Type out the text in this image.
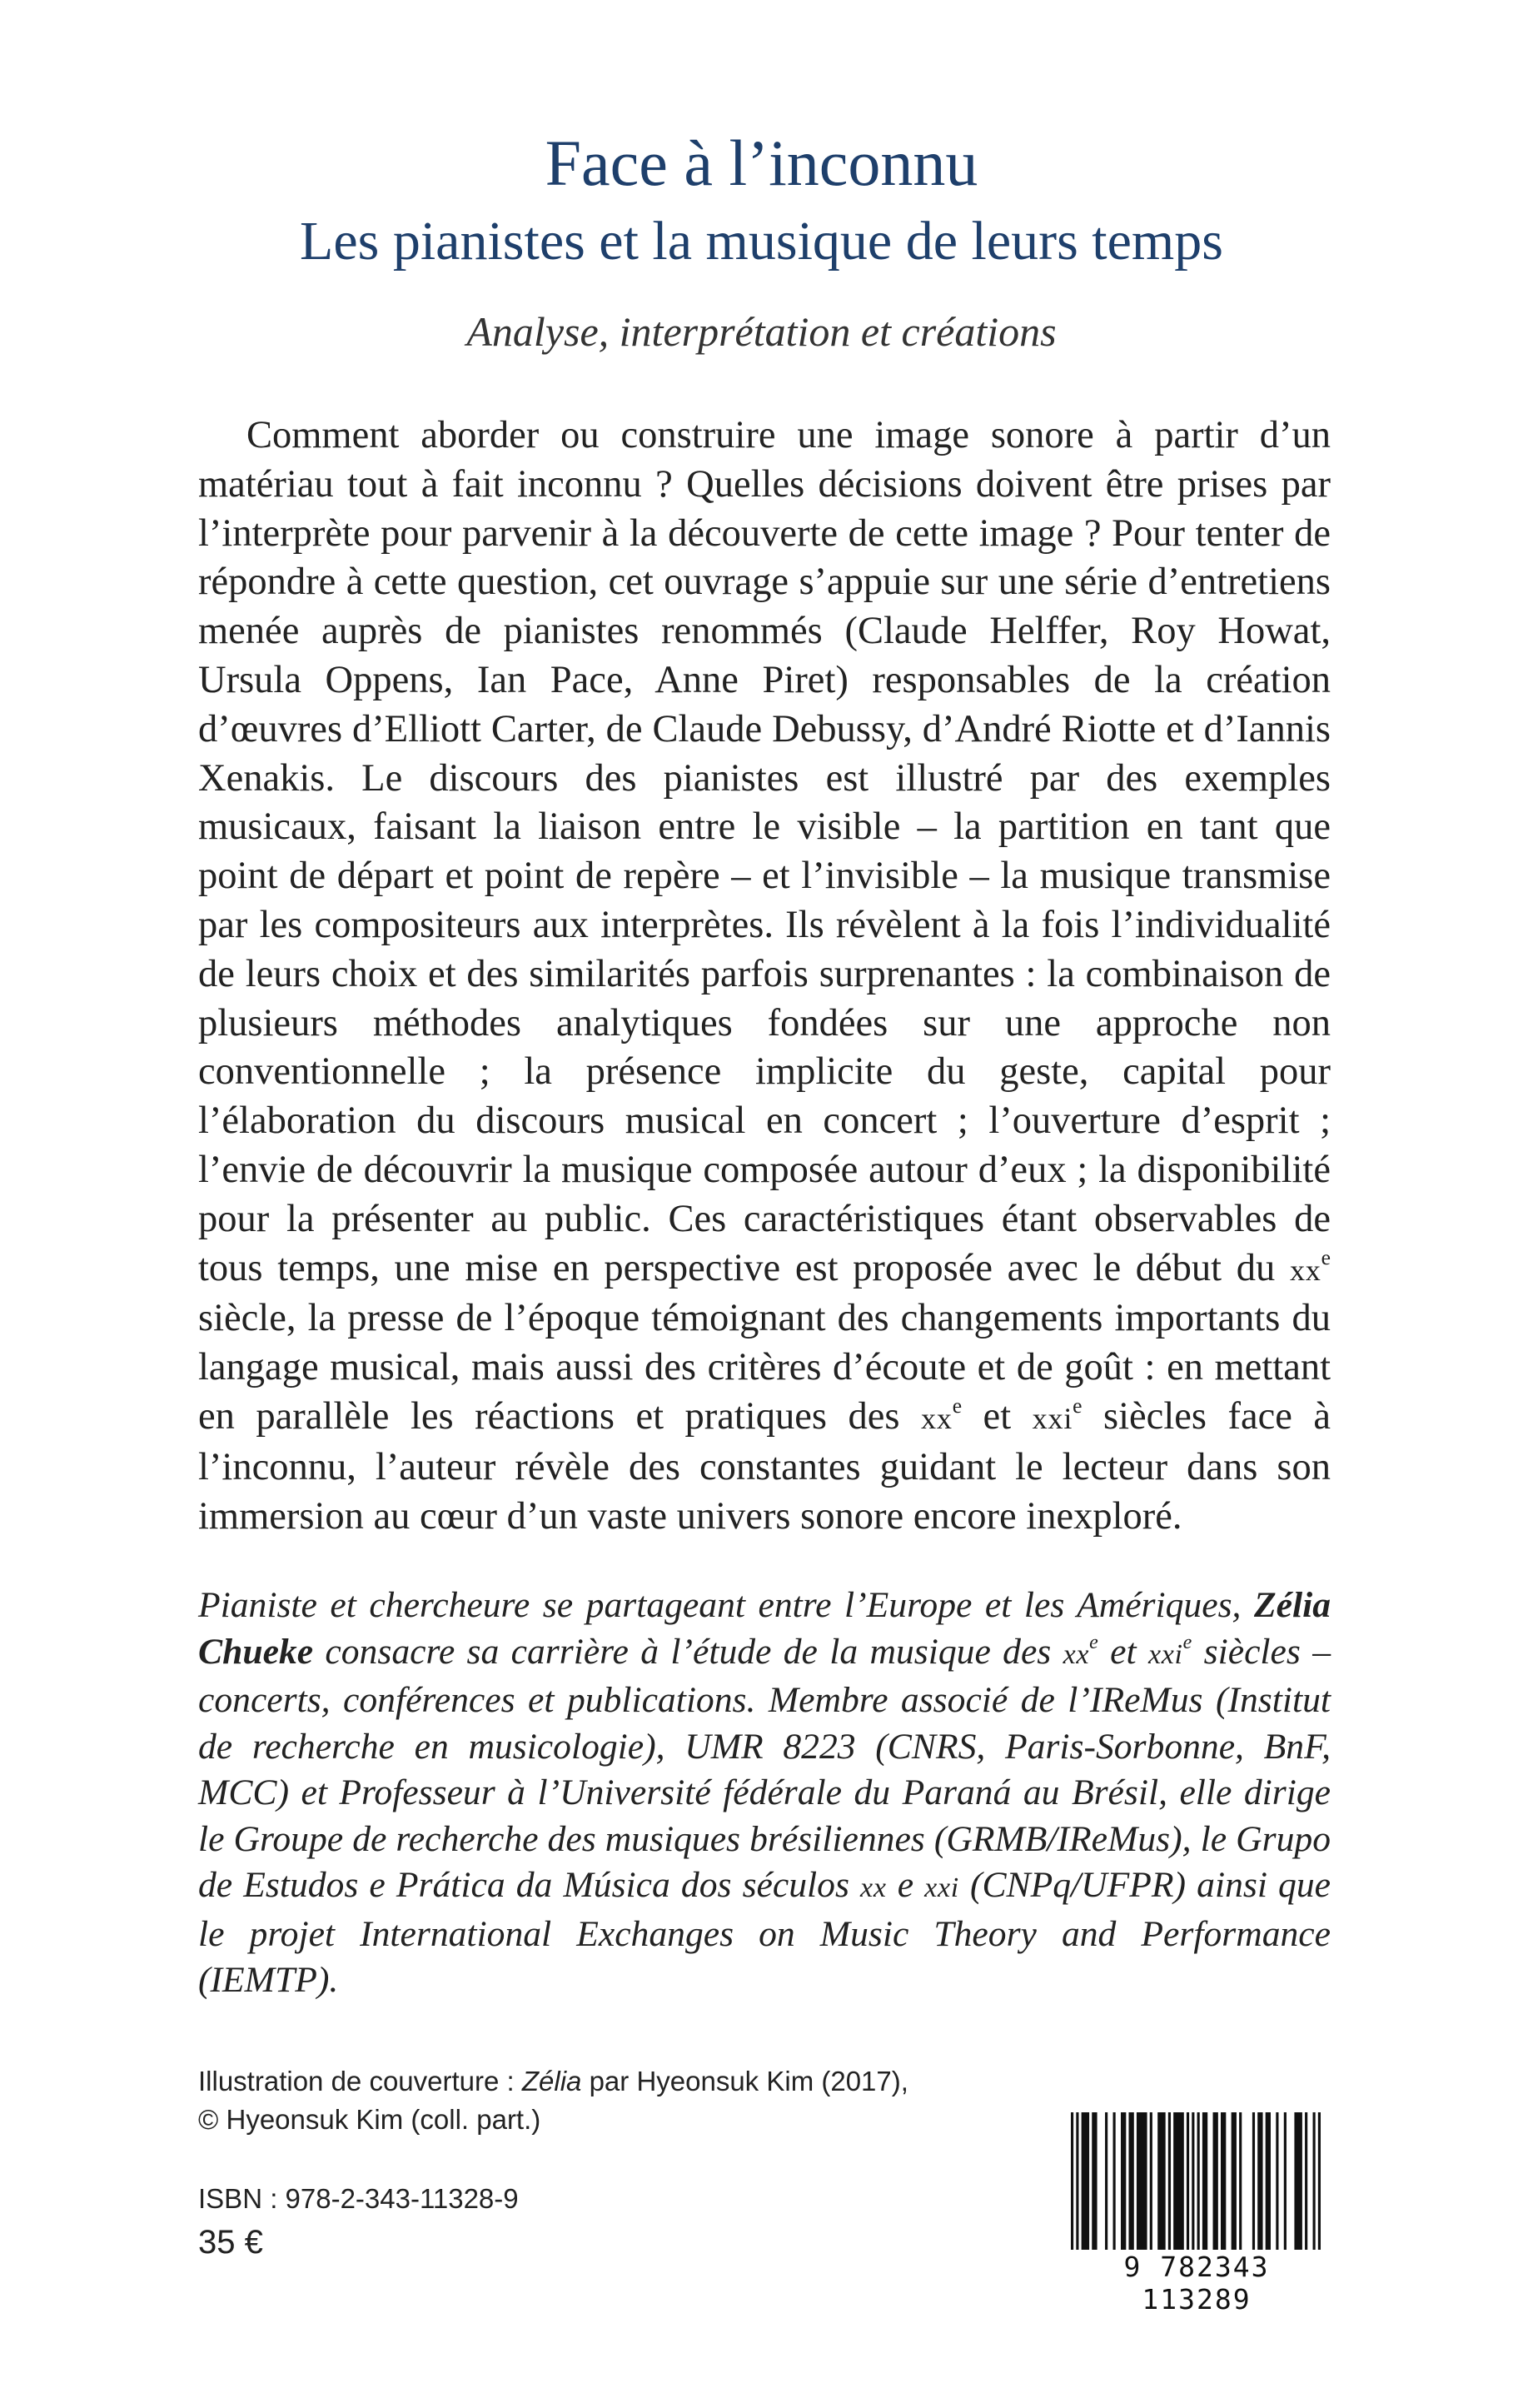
Face à l’inconnu
Les pianistes et la musique de leurs temps
Analyse, interprétation et créations

Comment aborder ou construire une image sonore à partir d’un matériau tout à fait inconnu ? Quelles décisions doivent être prises par l’interprète pour parvenir à la découverte de cette image ? Pour tenter de répondre à cette question, cet ouvrage s’appuie sur une série d’entretiens menée auprès de pianistes renommés (Claude Helffer, Roy Howat, Ursula Oppens, Ian Pace, Anne Piret) responsables de la création d’œuvres d’Elliott Carter, de Claude Debussy, d’André Riotte et d’Iannis Xenakis. Le discours des pianistes est illustré par des exemples musicaux, faisant la liaison entre le visible – la partition en tant que point de départ et point de repère – et l’invisible – la musique transmise par les compositeurs aux interprètes. Ils révèlent à la fois l’individualité de leurs choix et des similarités parfois surprenantes : la combinaison de plusieurs méthodes analytiques fondées sur une approche non conventionnelle ; la présence implicite du geste, capital pour l’élaboration du discours musical en concert ; l’ouverture d’esprit ; l’envie de découvrir la musique composée autour d’eux ; la disponibilité pour la présenter au public. Ces caractéristiques étant observables de tous temps, une mise en perspective est proposée avec le début du $xx^e$ siècle, la presse de l’époque témoignant des changements importants du langage musical, mais aussi des critères d’écoute et de goût : en mettant en parallèle les réactions et pratiques des $xx^e$ et xxi$^e$ siècles face à l’inconnu, l’auteur révèle des constantes guidant le lecteur dans son immersion au cœur d’un vaste univers sonore encore inexploré.

Pianiste et chercheure se partageant entre l’Europe et les Amériques, Zélia Chueke consacre sa carrière à l’étude de la musique des $xx^e$ et xxi$^e$ siècles – concerts, conférences et publications. Membre associé de l’IReMus (Institut de recherche en musicologie), UMR 8223 (CNRS, Paris-Sorbonne, BnF, MCC) et Professeur à l’Université fédérale du Paraná au Brésil, elle dirige le Groupe de recherche des musiques brésiliennes (GRMB/IReMus), le Grupo de Estudos e Prática da Música dos séculos xx e xxi (CNPq/UFPR) ainsi que le projet International Exchanges on Music Theory and Performance (IEMTP).

Illustration de couverture : Zélia par Hyeonsuk Kim (2017),
© Hyeonsuk Kim (coll. part.)
ISBN : 978-2-343-11328-9
35 €
9 782343 113289
